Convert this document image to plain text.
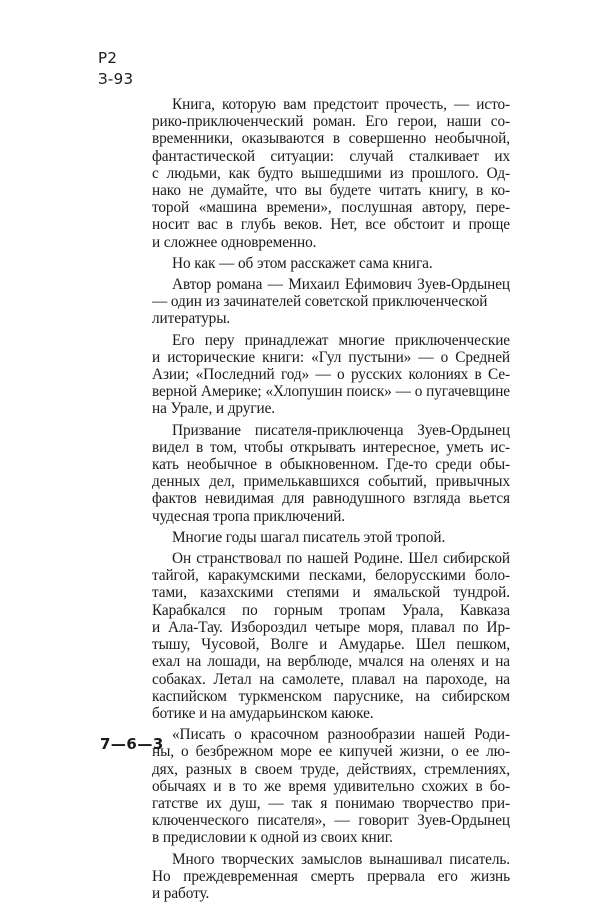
Р2
З-93

Книга, которую вам предстоит прочесть, — исто-
рико-приключенческий роман. Его герои, наши со-
временники, оказываются в совершенно необычной,
фантастической ситуации: случай сталкивает их
с людьми, как будто вышедшими из прошлого. Од-
нако не думайте, что вы будете читать книгу, в ко-
торой «машина времени», послушная автору, пере-
носит вас в глубь веков. Нет, все обстоит и проще
и сложнее одновременно.

Но как — об этом расскажет сама книга.

Автор романа — Михаил Ефимович Зуев-Ордынец
— один из зачинателей советской приключенческой литературы.

Его перу принадлежат многие приключенческие
и исторические книги: «Гул пустыни» — о Средней
Азии; «Последний год» — о русских колониях в Се-
верной Америке; «Хлопушин поиск» — о пугачевщине
на Урале, и другие.

Призвание писателя-приключенца Зуев-Ордынец
видел в том, чтобы открывать интересное, уметь ис-
кать необычное в обыкновенном. Где-то среди обы-
денных дел, примелькавшихся событий, привычных
фактов невидимая для равнодушного взгляда вьется
чудесная тропа приключений.

Многие годы шагал писатель этой тропой.

Он странствовал по нашей Родине. Шел сибирской
тайгой, каракумскими песками, белорусскими боло-
тами, казахскими степями и ямальской тундрой.
Карабкался по горным тропам Урала, Кавказа
и Ала-Тау. Избороздил четыре моря, плавал по Ир-
тышу, Чусовой, Волге и Амударье. Шел пешком,
ехал на лошади, на верблюде, мчался на оленях и на
собаках. Летал на самолете, плавал на пароходе, на
каспийском туркменском паруснике, на сибирском
ботике и на амударьинском каюке.

«Писать о красочном разнообразии нашей Роди-
ны, о безбрежном море ее кипучей жизни, о ее лю-
дях, разных в своем труде, действиях, стремлениях,
обычаях и в то же время удивительно схожих в бо-
гатстве их душ, — так я понимаю творчество при-
ключенческого писателя», — говорит Зуев-Ордынец
в предисловии к одной из своих книг.

Много творческих замыслов вынашивал писатель.
Но преждевременная смерть прервала его жизнь
и работу.

7—6—3
